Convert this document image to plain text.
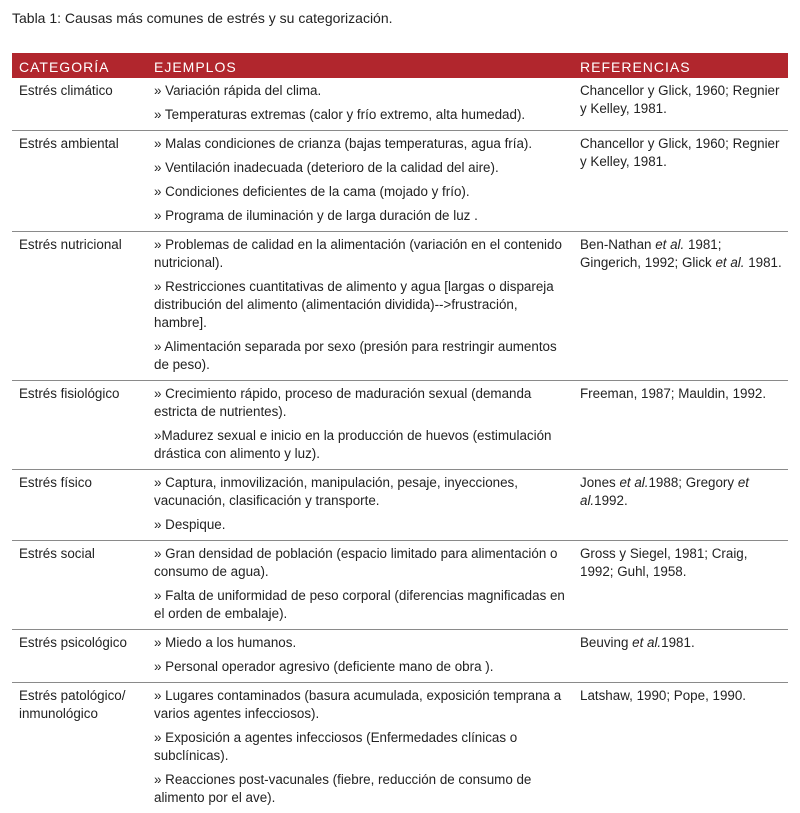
Tabla 1: Causas más comunes de estrés y su categorización.
CATEGORÍA	EJEMPLOS	REFERENCIAS
Estrés climático	» Variación rápida del clima.
» Temperaturas extremas (calor y frío extremo, alta humedad).	Chancellor y Glick, 1960; Regnier y Kelley, 1981.
Estrés ambiental	» Malas condiciones de crianza (bajas temperaturas, agua fría).
» Ventilación inadecuada (deterioro de la calidad del aire).
» Condiciones deficientes de la cama (mojado y frío).
» Programa de iluminación y de larga duración de luz .	Chancellor y Glick, 1960; Regnier y Kelley, 1981.
Estrés nutricional	» Problemas de calidad en la alimentación (variación en el contenido nutricional).
» Restricciones cuantitativas de alimento y agua [largas o dispareja distribución del alimento (alimentación dividida)-->frustración, hambre].
» Alimentación separada por sexo (presión para restringir aumentos de peso).	Ben-Nathan et al. 1981; Gingerich, 1992; Glick et al. 1981.
Estrés fisiológico	» Crecimiento rápido, proceso de maduración sexual (demanda estricta de nutrientes).
»Madurez sexual e inicio en la producción de huevos (estimulación drástica con alimento y luz).	Freeman, 1987; Mauldin, 1992.
Estrés físico	» Captura, inmovilización, manipulación, pesaje, inyecciones, vacunación, clasificación y transporte.
» Despique.	Jones et al.1988; Gregory et al.1992.
Estrés social	» Gran densidad de población (espacio limitado para alimentación o consumo de agua).
» Falta de uniformidad de peso corporal (diferencias magnificadas en el orden de embalaje).	Gross y Siegel, 1981; Craig, 1992; Guhl, 1958.
Estrés psicológico	» Miedo a los humanos.
» Personal operador agresivo (deficiente mano de obra ).	Beuving et al.1981.
Estrés patológico/ inmunológico	» Lugares contaminados (basura acumulada, exposición temprana a varios agentes infecciosos).
» Exposición a agentes infecciosos (Enfermedades clínicas o subclínicas).
» Reacciones post-vacunales (fiebre, reducción de consumo de alimento por el ave).	Latshaw, 1990; Pope, 1990.
